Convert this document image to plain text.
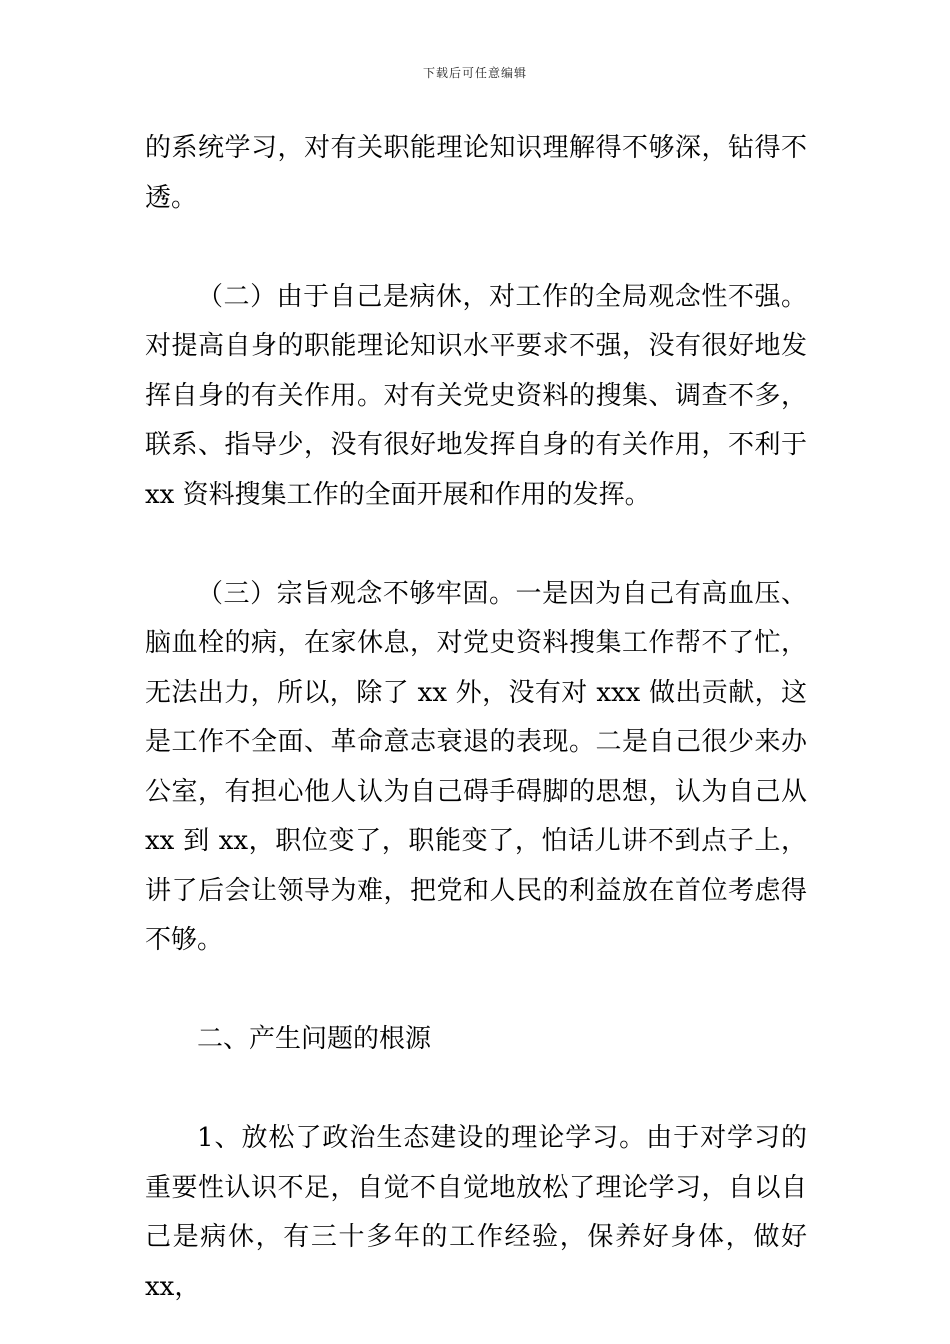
下载后可任意编辑

的系统学习，对有关职能理论知识理解得不够深，钻得不透。

（二）由于自己是病休，对工作的全局观念性不强。对提高自身的职能理论知识水平要求不强，没有很好地发挥自身的有关作用。对有关党史资料的搜集、调查不多，联系、指导少，没有很好地发挥自身的有关作用，不利于 xx 资料搜集工作的全面开展和作用的发挥。

（三）宗旨观念不够牢固。一是因为自己有高血压、脑血栓的病，在家休息，对党史资料搜集工作帮不了忙，无法出力，所以，除了 xx 外，没有对 xxx 做出贡献，这是工作不全面、革命意志衰退的表现。二是自己很少来办公室，有担心他人认为自己碍手碍脚的思想，认为自己从 xx 到 xx，职位变了，职能变了，怕话儿讲不到点子上，讲了后会让领导为难，把党和人民的利益放在首位考虑得不够。

二、产生问题的根源

1、放松了政治生态建设的理论学习。由于对学习的重要性认识不足，自觉不自觉地放松了理论学习，自以自己是病休，有三十多年的工作经验，保养好身体，做好 xx，
